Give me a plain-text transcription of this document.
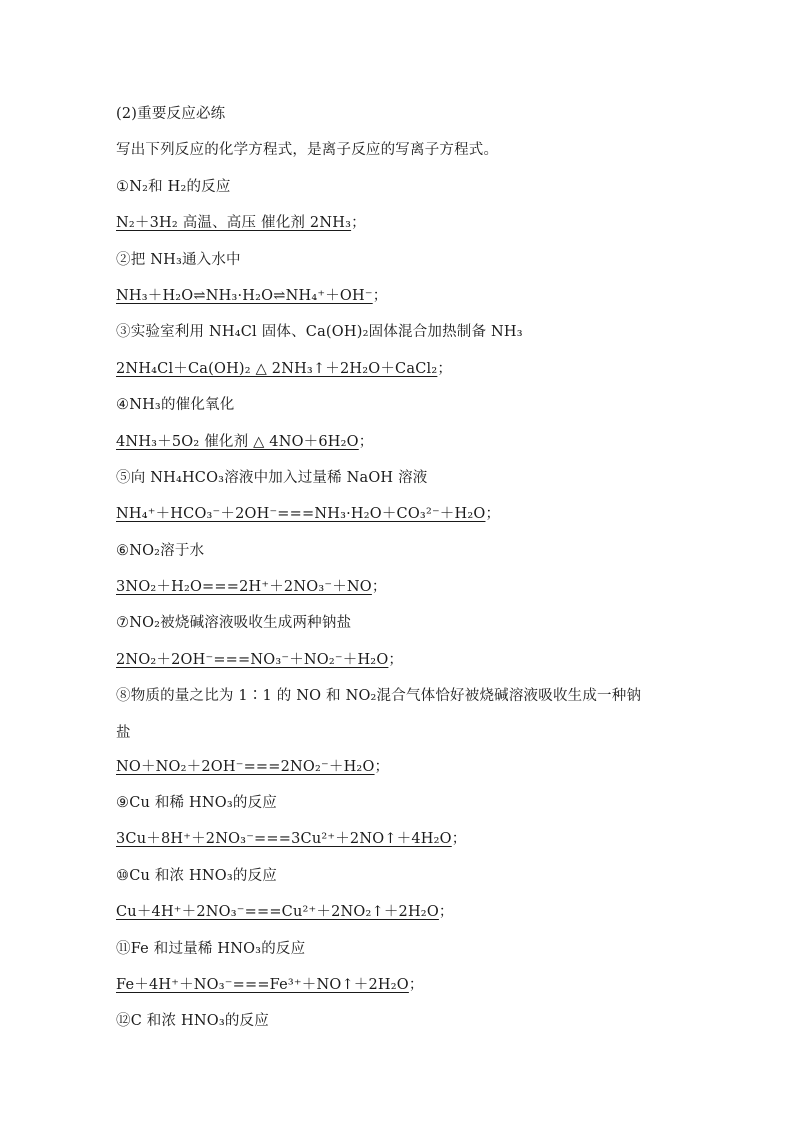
(2)重要反应必练
写出下列反应的化学方程式，是离子反应的写离子方程式。
①N₂和 H₂的反应
N₂＋3H₂ 高温、高压 催化剂 2NH₃；
②把 NH₃通入水中
NH₃＋H₂O⇌NH₃·H₂O⇌NH₄⁺＋OH⁻；
③实验室利用 NH₄Cl 固体、Ca(OH)₂固体混合加热制备 NH₃
2NH₄Cl＋Ca(OH)₂ △ 2NH₃↑＋2H₂O＋CaCl₂；
④NH₃的催化氧化
4NH₃＋5O₂ 催化剂 △ 4NO＋6H₂O；
⑤向 NH₄HCO₃溶液中加入过量稀 NaOH 溶液
NH₄⁺＋HCO₃⁻＋2OH⁻===NH₃·H₂O＋CO₃²⁻＋H₂O；
⑥NO₂溶于水
3NO₂＋H₂O===2H⁺＋2NO₃⁻＋NO；
⑦NO₂被烧碱溶液吸收生成两种钠盐
2NO₂＋2OH⁻===NO₃⁻＋NO₂⁻＋H₂O；
⑧物质的量之比为 1∶1 的 NO 和 NO₂混合气体恰好被烧碱溶液吸收生成一种钠
盐
NO＋NO₂＋2OH⁻===2NO₂⁻＋H₂O；
⑨Cu 和稀 HNO₃的反应
3Cu＋8H⁺＋2NO₃⁻===3Cu²⁺＋2NO↑＋4H₂O；
⑩Cu 和浓 HNO₃的反应
Cu＋4H⁺＋2NO₃⁻===Cu²⁺＋2NO₂↑＋2H₂O；
⑪Fe 和过量稀 HNO₃的反应
Fe＋4H⁺＋NO₃⁻===Fe³⁺＋NO↑＋2H₂O；
⑫C 和浓 HNO₃的反应
